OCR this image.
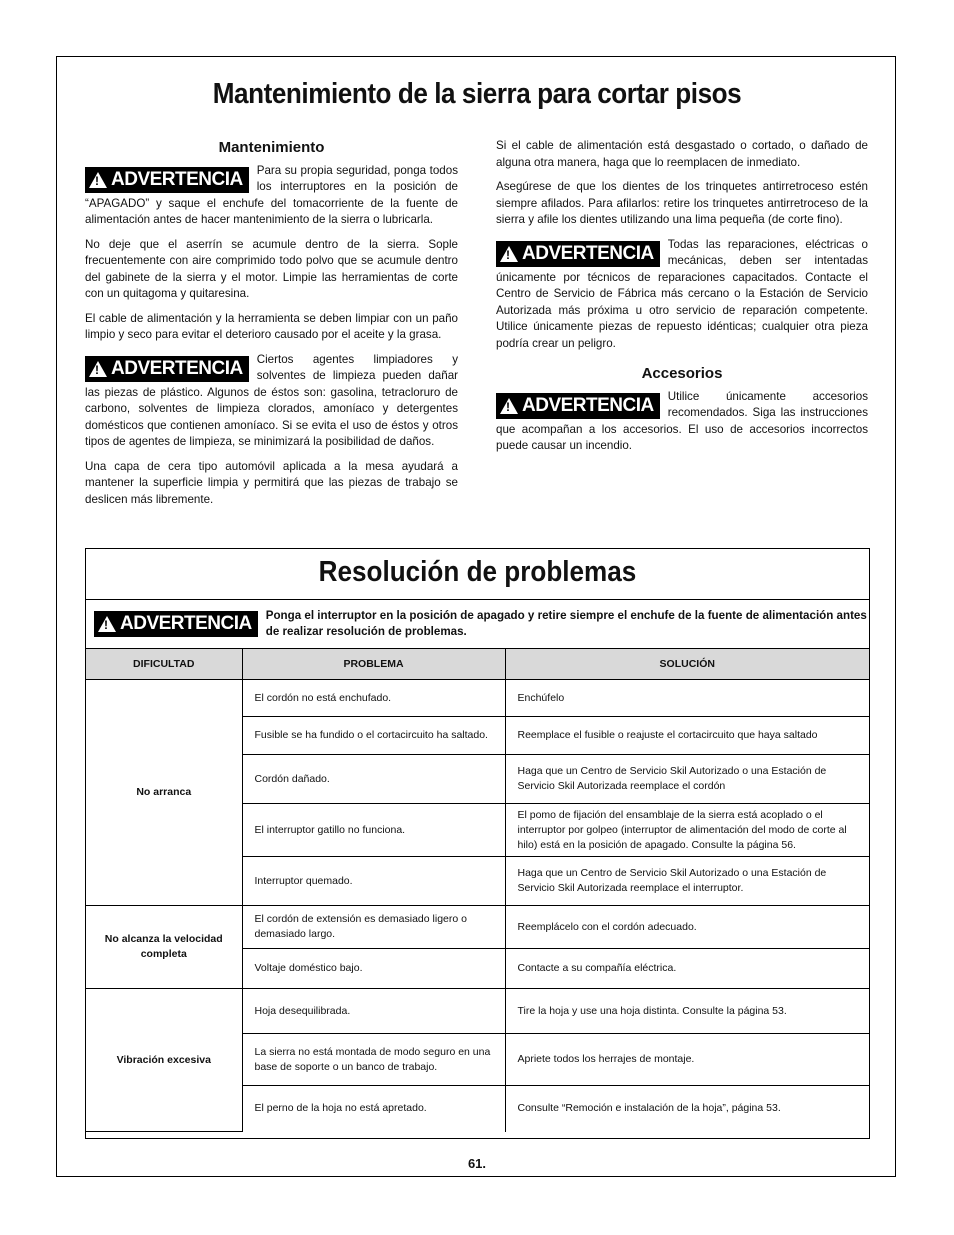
Mantenimiento de la sierra para cortar pisos
Mantenimiento

! ADVERTENCIA Para su propia seguridad, ponga todos los interruptores en la posición de “APAGADO” y saque el enchufe del tomacorriente de la fuente de alimentación antes de hacer mantenimiento de la sierra o lubricarla.

No deje que el aserrín se acumule dentro de la sierra. Sople frecuentemente con aire comprimido todo polvo que se acumule dentro del gabinete de la sierra y el motor. Limpie las herramientas de corte con un quitagoma y quitaresina.

El cable de alimentación y la herramienta se deben limpiar con un paño limpio y seco para evitar el deterioro causado por el aceite y la grasa.

! ADVERTENCIA Ciertos agentes limpiadores y solventes de limpieza pueden dañar las piezas de plástico. Algunos de éstos son: gasolina, tetracloruro de carbono, solventes de limpieza clorados, amoníaco y detergentes domésticos que contienen amoníaco. Si se evita el uso de éstos y otros tipos de agentes de limpieza, se minimizará la posibilidad de daños.

Una capa de cera tipo automóvil aplicada a la mesa ayudará a mantener la superficie limpia y permitirá que las piezas de trabajo se deslicen más libremente.

Si el cable de alimentación está desgastado o cortado, o dañado de alguna otra manera, haga que lo reemplacen de inmediato.

Asegúrese de que los dientes de los trinquetes antirretroceso estén siempre afilados. Para afilarlos: retire los trinquetes antirretroceso de la sierra y afile los dientes utilizando una lima pequeña (de corte fino).

! ADVERTENCIA Todas las reparaciones, eléctricas o mecánicas, deben ser intentadas únicamente por técnicos de reparaciones capacitados. Contacte el Centro de Servicio de Fábrica más cercano o la Estación de Servicio Autorizada más próxima u otro servicio de reparación competente. Utilice únicamente piezas de repuesto idénticas; cualquier otra pieza podría crear un peligro.

Accesorios

! ADVERTENCIA Utilice únicamente accesorios recomendados. Siga las instrucciones que acompañan a los accesorios. El uso de accesorios incorrectos puede causar un incendio.

Resolución de problemas
! ADVERTENCIA Ponga el interruptor en la posición de apagado y retire siempre el enchufe de la fuente de alimentación antes de realizar resolución de problemas.
DIFICULTAD	PROBLEMA	SOLUCIÓN
No arranca	El cordón no está enchufado.	Enchúfelo
	Fusible se ha fundido o el cortacircuito ha saltado.	Reemplace el fusible o reajuste el cortacircuito que haya saltado
	Cordón dañado.	Haga que un Centro de Servicio Skil Autorizado o una Estación de Servicio Skil Autorizada reemplace el cordón
	El interruptor gatillo no funciona.	El pomo de fijación del ensamblaje de la sierra está acoplado o el interruptor por golpeo (interruptor de alimentación del modo de corte al hilo) está en la posición de apagado. Consulte la página 56.
	Interruptor quemado.	Haga que un Centro de Servicio Skil Autorizado o una Estación de Servicio Skil Autorizada reemplace el interruptor.
No alcanza la velocidad completa	El cordón de extensión es demasiado ligero o demasiado largo.	Reemplácelo con el cordón adecuado.
	Voltaje doméstico bajo.	Contacte a su compañía eléctrica.
Vibración excesiva	Hoja desequilibrada.	Tire la hoja y use una hoja distinta. Consulte la página 53.
	La sierra no está montada de modo seguro en una base de soporte o un banco de trabajo.	Apriete todos los herrajes de montaje.
	El perno de la hoja no está apretado.	Consulte “Remoción e instalación de la hoja”, página 53.
61.
